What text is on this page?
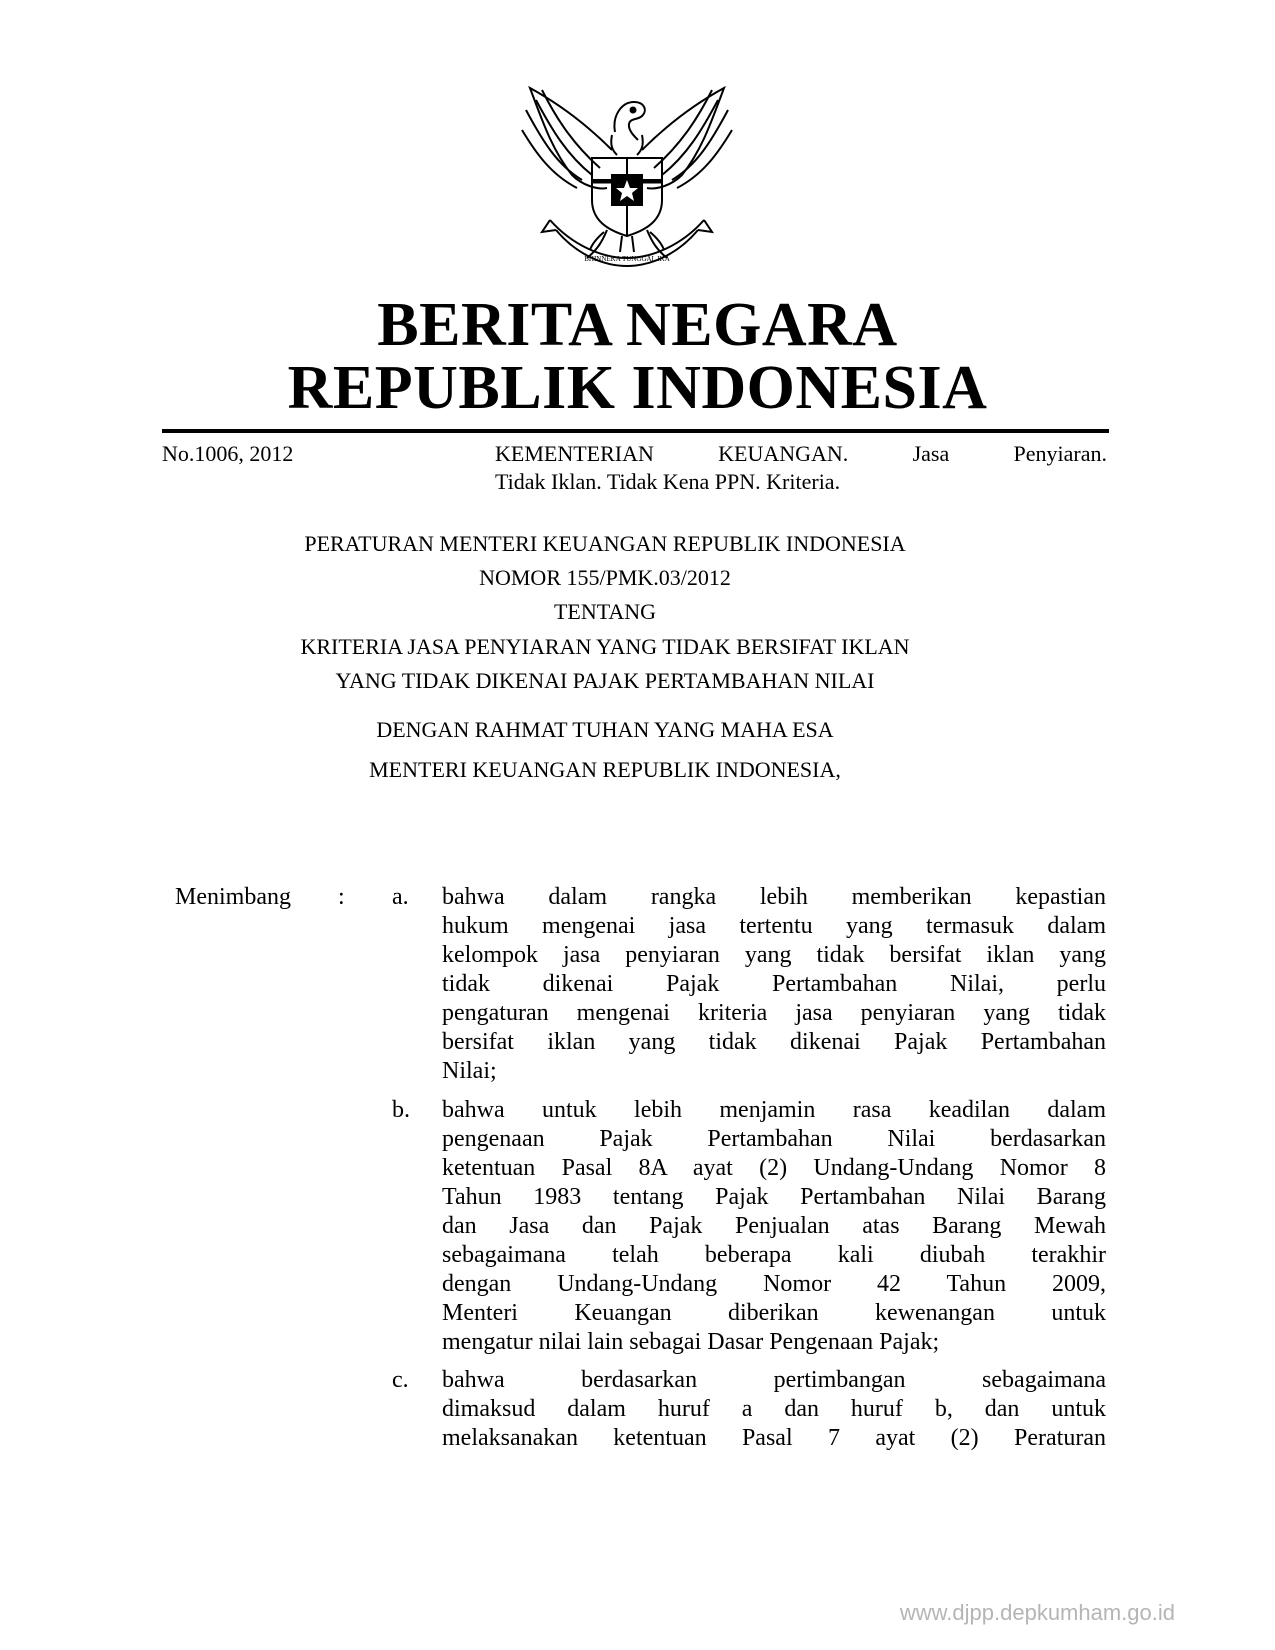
BHINNEKA TUNGGAL IKA
BERITA NEGARA
REPUBLIK INDONESIA
No.1006, 2012	KEMENTERIAN KEUANGAN. Jasa Penyiaran.
Tidak Iklan. Tidak Kena PPN. Kriteria.
PERATURAN MENTERI KEUANGAN REPUBLIK INDONESIA
NOMOR 155/PMK.03/2012
TENTANG
KRITERIA JASA PENYIARAN YANG TIDAK BERSIFAT IKLAN
YANG TIDAK DIKENAI PAJAK PERTAMBAHAN NILAI
DENGAN RAHMAT TUHAN YANG MAHA ESA
MENTERI KEUANGAN REPUBLIK INDONESIA,
Menimbang : a. bahwa dalam rangka lebih memberikan kepastian
hukum mengenai jasa tertentu yang termasuk dalam
kelompok jasa penyiaran yang tidak bersifat iklan yang
tidak dikenai Pajak Pertambahan Nilai, perlu
pengaturan mengenai kriteria jasa penyiaran yang tidak
bersifat iklan yang tidak dikenai Pajak Pertambahan
Nilai;
b. bahwa untuk lebih menjamin rasa keadilan dalam
pengenaan Pajak Pertambahan Nilai berdasarkan
ketentuan Pasal 8A ayat (2) Undang-Undang Nomor 8
Tahun 1983 tentang Pajak Pertambahan Nilai Barang
dan Jasa dan Pajak Penjualan atas Barang Mewah
sebagaimana telah beberapa kali diubah terakhir
dengan Undang-Undang Nomor 42 Tahun 2009,
Menteri Keuangan diberikan kewenangan untuk
mengatur nilai lain sebagai Dasar Pengenaan Pajak;
c. bahwa berdasarkan pertimbangan sebagaimana
dimaksud dalam huruf a dan huruf b, dan untuk
melaksanakan ketentuan Pasal 7 ayat (2) Peraturan
www.djpp.depkumham.go.id
